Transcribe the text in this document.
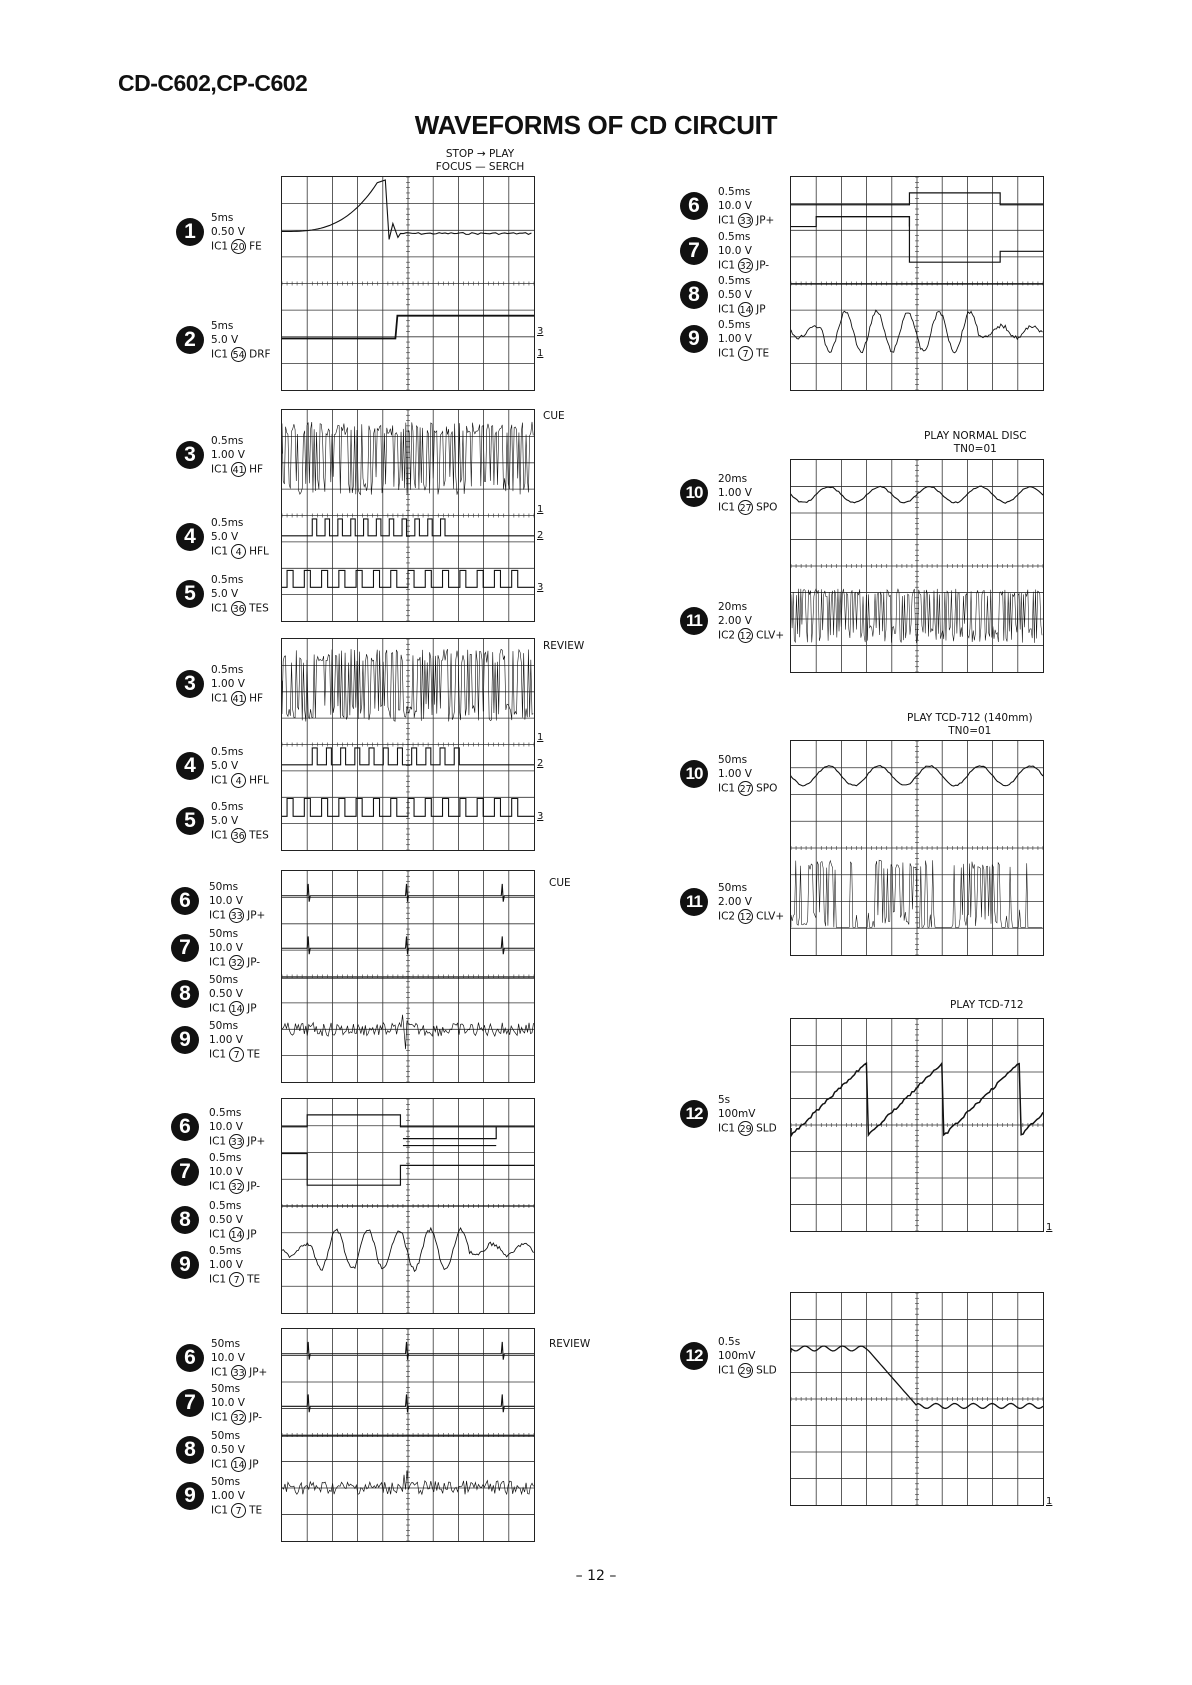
CD-C602,CP-C602
WAVEFORMS OF CD CIRCUIT
STOP → PLAY
FOCUS — SERCH
3
1
1
5ms
0.50 V
IC1 20 FE
2
5ms
5.0 V
IC1 54 DRF
CUE
1
2
3
3
0.5ms
1.00 V
IC1 41 HF
4
0.5ms
5.0 V
IC1 4 HFL
5
0.5ms
5.0 V
IC1 36 TES
REVIEW
1
2
3
3
0.5ms
1.00 V
IC1 41 HF
4
0.5ms
5.0 V
IC1 4 HFL
5
0.5ms
5.0 V
IC1 36 TES
CUE
6
50ms
10.0 V
IC1 33 JP+
7
50ms
10.0 V
IC1 32 JP-
8
50ms
0.50 V
IC1 14 JP
9
50ms
1.00 V
IC1 7 TE
6
0.5ms
10.0 V
IC1 33 JP+
7
0.5ms
10.0 V
IC1 32 JP-
8
0.5ms
0.50 V
IC1 14 JP
9
0.5ms
1.00 V
IC1 7 TE
REVIEW
6
50ms
10.0 V
IC1 33 JP+
7
50ms
10.0 V
IC1 32 JP-
8
50ms
0.50 V
IC1 14 JP
9
50ms
1.00 V
IC1 7 TE
6
0.5ms
10.0 V
IC1 33 JP+
7
0.5ms
10.0 V
IC1 32 JP-
8
0.5ms
0.50 V
IC1 14 JP
9
0.5ms
1.00 V
IC1 7 TE
PLAY NORMAL DISC
TN0=01
10
20ms
1.00 V
IC1 27 SPO
11
20ms
2.00 V
IC2 12 CLV+
PLAY TCD-712 (140mm)
TN0=01
10
50ms
1.00 V
IC1 27 SPO
11
50ms
2.00 V
IC2 12 CLV+
PLAY TCD-712
1
12
5s
100mV
IC1 29 SLD
1
12
0.5s
100mV
IC1 29 SLD
– 12 –
